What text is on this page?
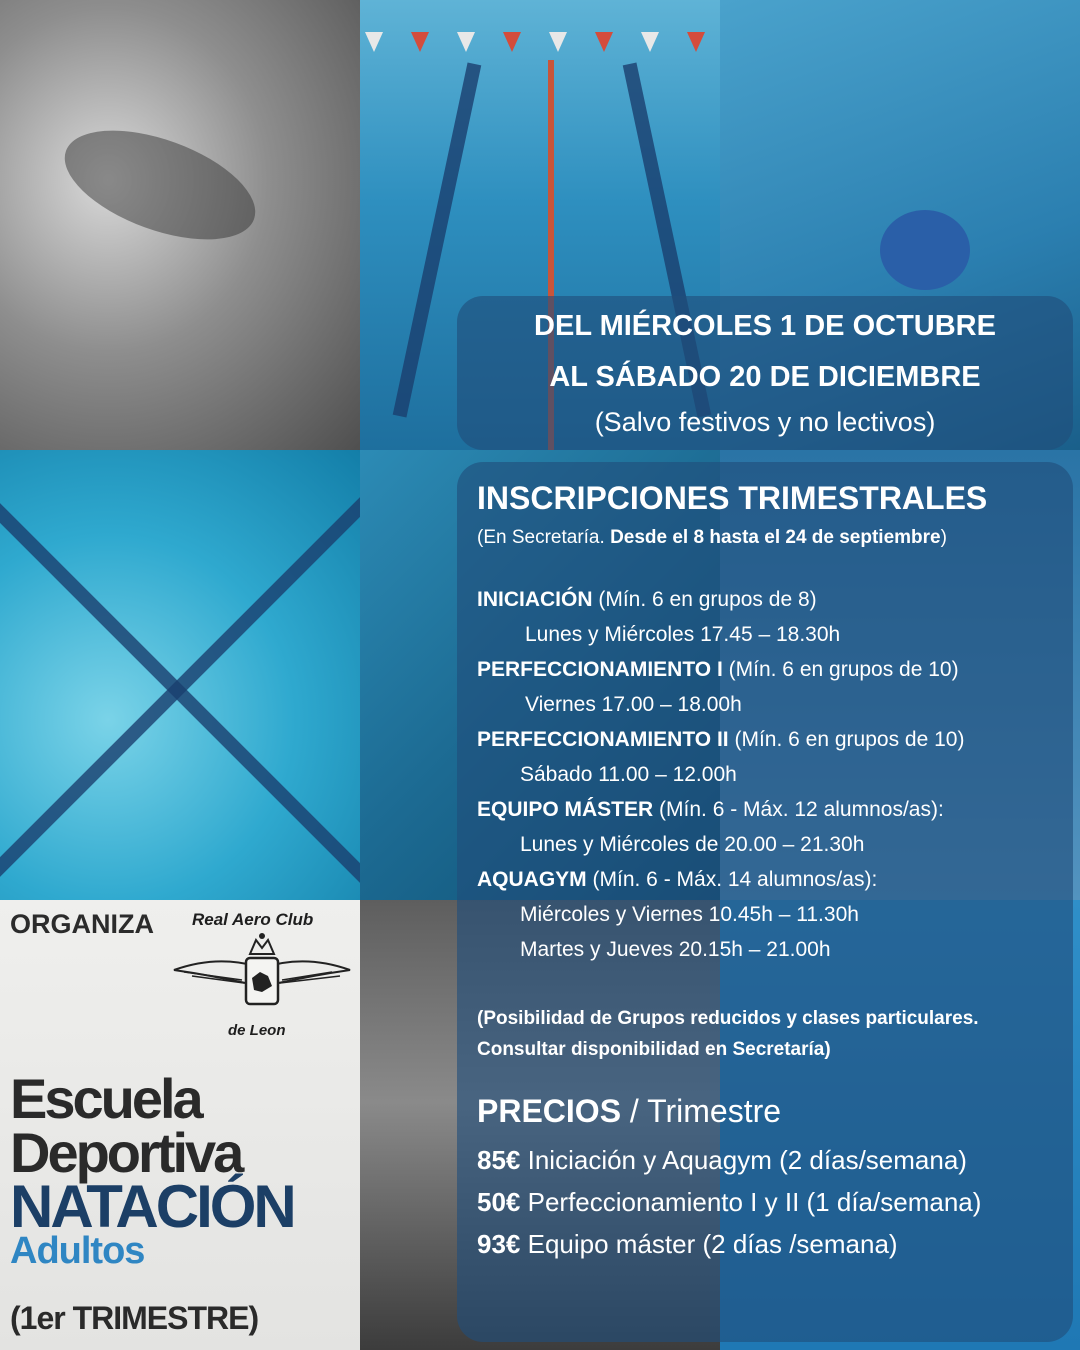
DEL MIÉRCOLES 1 DE OCTUBRE
AL SÁBADO 20 DE DICIEMBRE
(Salvo festivos y no lectivos)
INSCRIPCIONES TRIMESTRALES
(En Secretaría. Desde el 8 hasta el 24 de septiembre)
INICIACIÓN (Mín. 6 en grupos de 8)
Lunes y Miércoles 17.45 – 18.30h
PERFECCIONAMIENTO I (Mín. 6 en grupos de 10)
Viernes 17.00 – 18.00h
PERFECCIONAMIENTO II (Mín. 6 en grupos de 10)
Sábado 11.00 – 12.00h
EQUIPO MÁSTER (Mín. 6 - Máx. 12 alumnos/as):
Lunes y Miércoles de 20.00 – 21.30h
AQUAGYM (Mín. 6 - Máx. 14 alumnos/as):
Miércoles y Viernes 10.45h – 11.30h
Martes y Jueves 20.15h – 21.00h
(Posibilidad de Grupos reducidos y clases particulares.
Consultar disponibilidad en Secretaría)
PRECIOS / Trimestre
85€ Iniciación y Aquagym (2 días/semana)
50€ Perfeccionamiento I y II (1 día/semana)
93€ Equipo máster (2 días /semana)
ORGANIZA Real Aero Club
de Leon
Escuela
Deportiva
NATACIÓN
Adultos
(1er TRIMESTRE)
